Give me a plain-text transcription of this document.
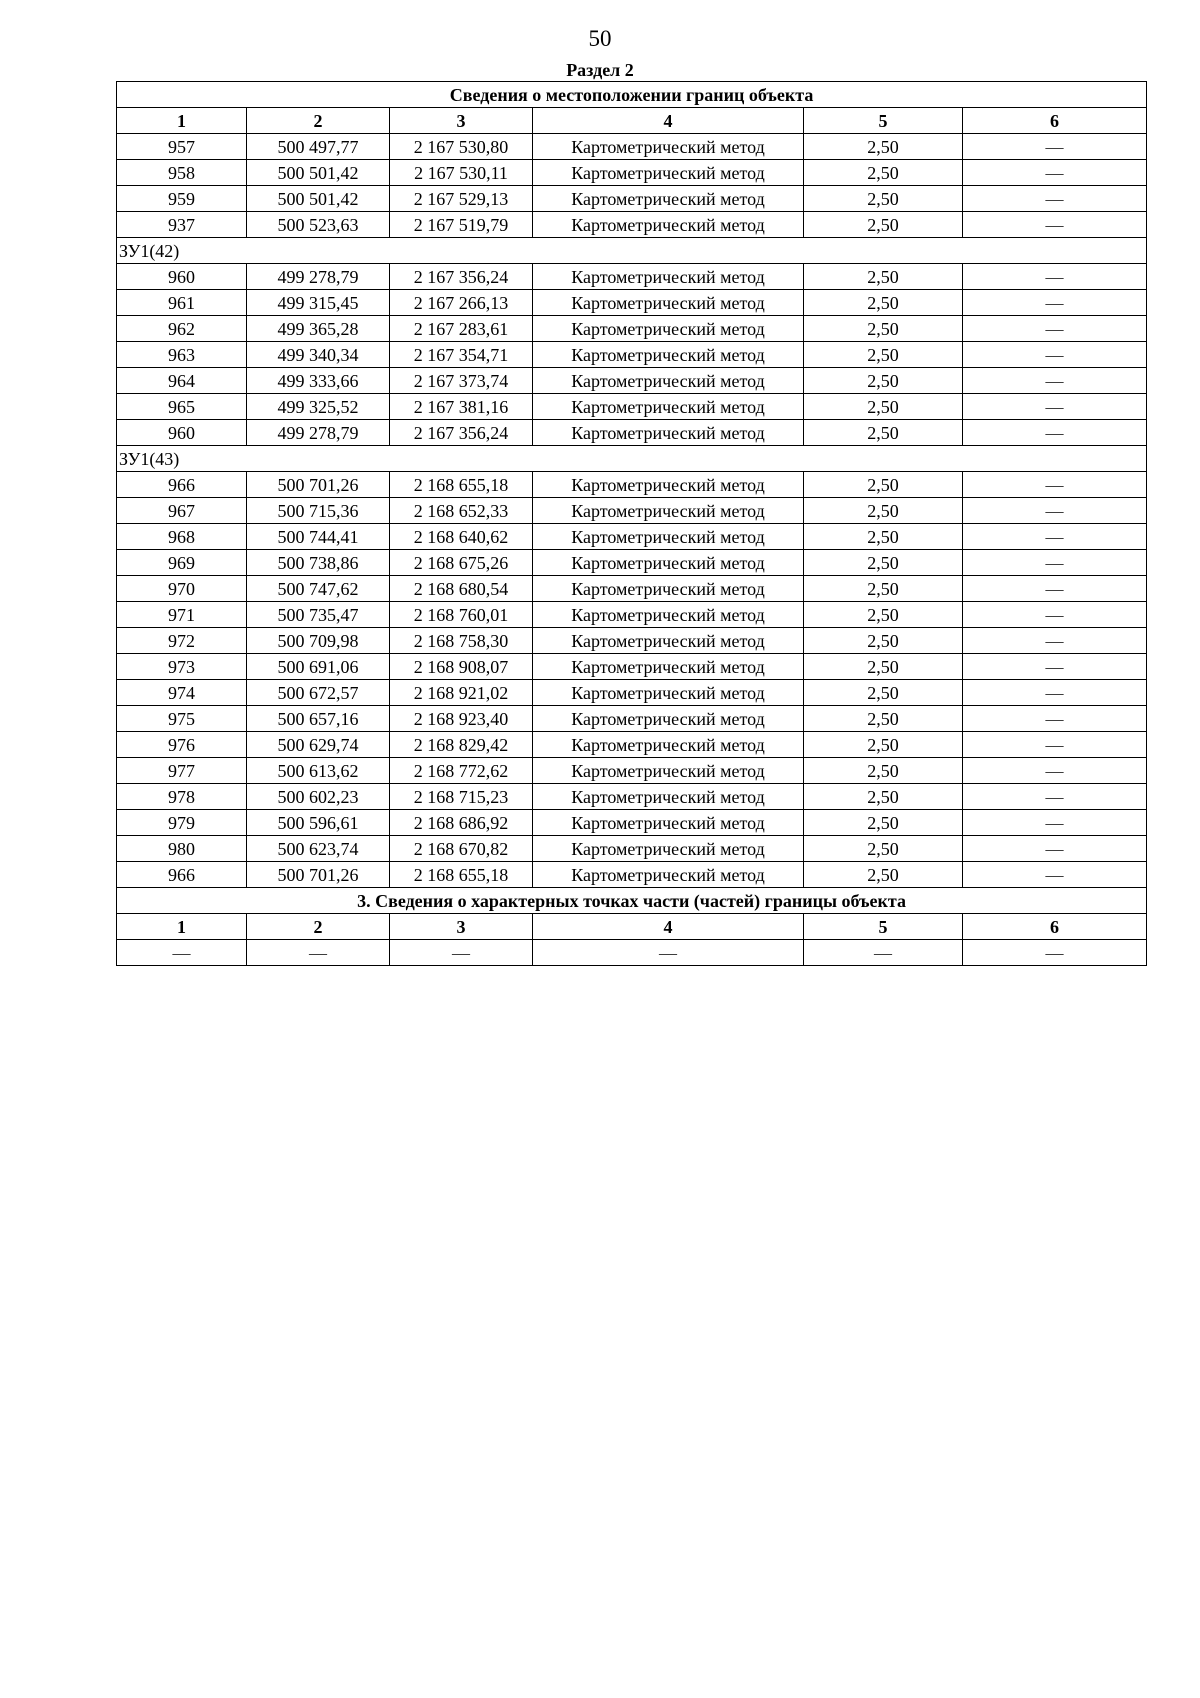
50
Раздел 2
Сведения о местоположении границ объекта					
1	2	3	4	5	6
957	500 497,77	2 167 530,80	Картометрический метод	2,50	—
958	500 501,42	2 167 530,11	Картометрический метод	2,50	—
959	500 501,42	2 167 529,13	Картометрический метод	2,50	—
937	500 523,63	2 167 519,79	Картометрический метод	2,50	—
ЗУ1(42)					
960	499 278,79	2 167 356,24	Картометрический метод	2,50	—
961	499 315,45	2 167 266,13	Картометрический метод	2,50	—
962	499 365,28	2 167 283,61	Картометрический метод	2,50	—
963	499 340,34	2 167 354,71	Картометрический метод	2,50	—
964	499 333,66	2 167 373,74	Картометрический метод	2,50	—
965	499 325,52	2 167 381,16	Картометрический метод	2,50	—
960	499 278,79	2 167 356,24	Картометрический метод	2,50	—
ЗУ1(43)					
966	500 701,26	2 168 655,18	Картометрический метод	2,50	—
967	500 715,36	2 168 652,33	Картометрический метод	2,50	—
968	500 744,41	2 168 640,62	Картометрический метод	2,50	—
969	500 738,86	2 168 675,26	Картометрический метод	2,50	—
970	500 747,62	2 168 680,54	Картометрический метод	2,50	—
971	500 735,47	2 168 760,01	Картометрический метод	2,50	—
972	500 709,98	2 168 758,30	Картометрический метод	2,50	—
973	500 691,06	2 168 908,07	Картометрический метод	2,50	—
974	500 672,57	2 168 921,02	Картометрический метод	2,50	—
975	500 657,16	2 168 923,40	Картометрический метод	2,50	—
976	500 629,74	2 168 829,42	Картометрический метод	2,50	—
977	500 613,62	2 168 772,62	Картометрический метод	2,50	—
978	500 602,23	2 168 715,23	Картометрический метод	2,50	—
979	500 596,61	2 168 686,92	Картометрический метод	2,50	—
980	500 623,74	2 168 670,82	Картометрический метод	2,50	—
966	500 701,26	2 168 655,18	Картометрический метод	2,50	—
3. Сведения о характерных точках части (частей) границы объекта					
1	2	3	4	5	6
—	—	—	—	—	—
